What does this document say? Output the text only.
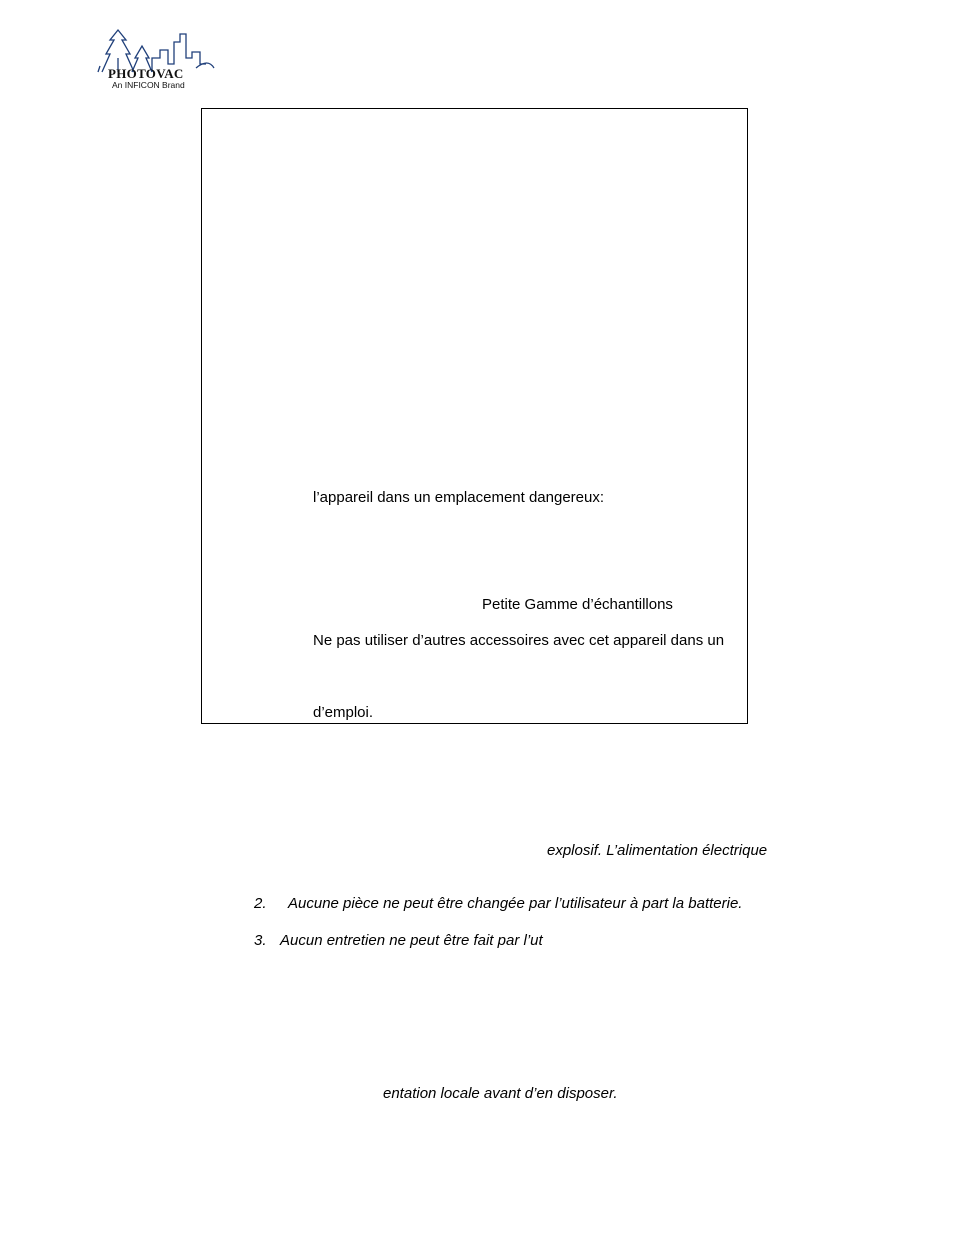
PHOTOVAC
An INFICON Brand
l’appareil dans un emplacement dangereux:
Petite Gamme d’échantillons
Ne pas utiliser d’autres accessoires avec cet appareil dans un
d’emploi.
explosif. L’alimentation électrique
2. Aucune pièce ne peut être changée par l’utilisateur à part la batterie.
3. Aucun entretien ne peut être fait par l’ut
entation locale avant d’en disposer.
